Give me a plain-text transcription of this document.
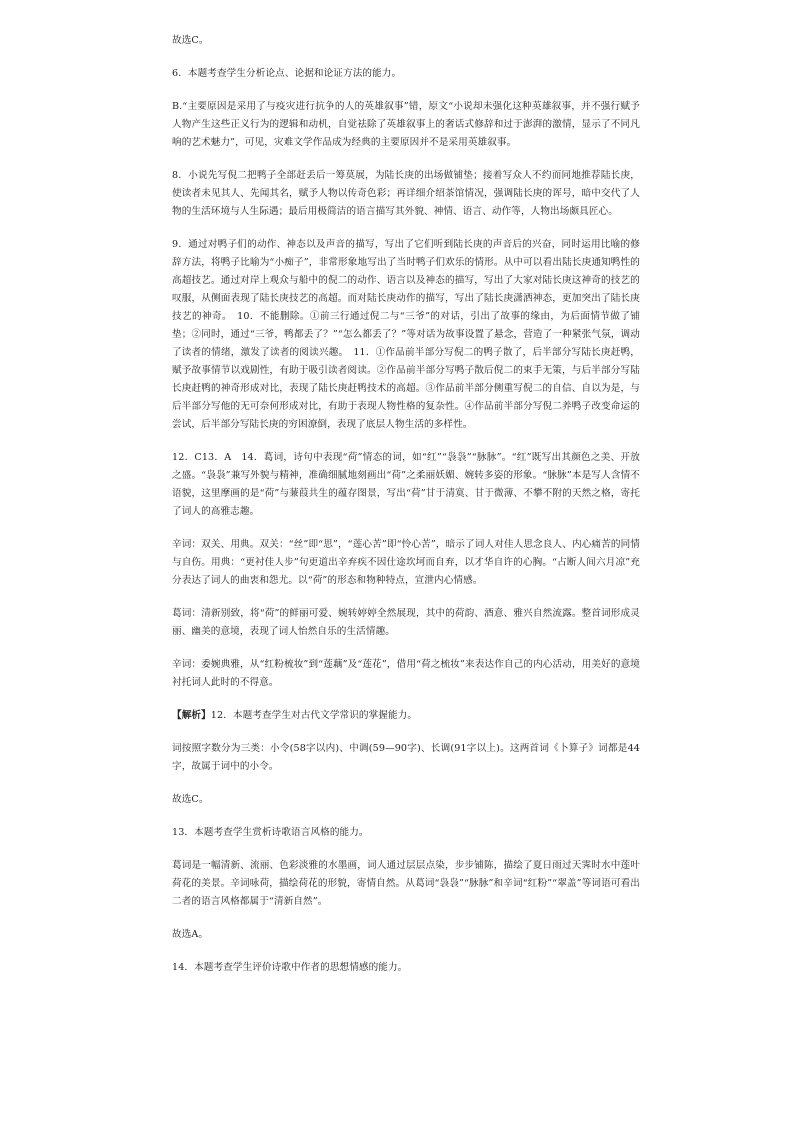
故选C。

6．本题考查学生分析论点、论据和论证方法的能力。

B.“主要原因是采用了与疫灾进行抗争的人的英雄叙事”错，原文“小说却未强化这种英雄叙事，并不强行赋予人物产生这些正义行为的逻辑和动机，自觉祛除了英雄叙事上的奢话式修辞和过于澎湃的激情，显示了不同凡响的艺术魅力”，可见，灾难文学作品成为经典的主要原因并不是采用英雄叙事。

8．小说先写倪二把鸭子全部赶丢后一筹莫展，为陆长庚的出场做铺垫；接着写众人不约而同地推荐陆长庚，使读者未见其人、先闻其名，赋予人物以传奇色彩；再详细介绍茶馆情况，强调陆长庚的诨号，暗中交代了人物的生活环境与人生际遇；最后用极简洁的语言描写其外貌、神情、语言、动作等，人物出场颇具匠心。

9．通过对鸭子们的动作、神态以及声音的描写，写出了它们听到陆长庚的声音后的兴奋，同时运用比喻的修辞方法，将鸭子比喻为“小痴子”，非常形象地写出了当时鸭子们欢乐的情形。从中可以看出陆长庚通知鸭性的高超技艺。通过对岸上观众与船中的倪二的动作、语言以及神态的描写，写出了大家对陆长庚这神奇的技艺的叹服，从侧面表现了陆长庚技艺的高超。而对陆长庚动作的描写，写出了陆长庚潇洒神态，更加突出了陆长庚技艺的神奇。　10．不能删除。①前三行通过倪二与“三爷”的对话，引出了故事的缘由，为后面情节做了铺垫；②同时，通过“三爷，鸭都丢了？”“怎么都丢了？”等对话为故事设置了悬念，营造了一种紧张气氛，调动了读者的情绪，激发了读者的阅读兴趣。　11．①作品前半部分写倪二的鸭子散了，后半部分写陆长庚赶鸭，赋予故事情节以戏剧性，有助于吸引读者阅读。②作品前半部分写鸭子散后倪二的束手无策，与后半部分写陆长庚赶鸭的神奇形成对比，表现了陆长庚赶鸭技术的高超。③作品前半部分侧重写倪二的自信、自以为是，与后半部分写他的无可奈何形成对比，有助于表现人物性格的复杂性。④作品前半部分写倪二养鸭子改变命运的尝试，后半部分写陆长庚的穷困潦倒，表现了底层人物生活的多样性。

12．C13．A　14．葛词，诗句中表现“荷”情态的词，如“红”“袅袅”“脉脉”。“红”既写出其颜色之美、开放之盛。“袅袅”兼写外貌与精神，准确细腻地刻画出“荷”之柔丽妖媚、婉转多姿的形象。“脉脉”本是写人含情不语貌，这里摩画的是“荷”与蒹葭共生的蕴存图景，写出“荷”甘于清寞、甘于微薄、不攀不附的天然之格，寄托了词人的高雅志趣。

辛词：双关、用典。双关：“丝”即“思”，“莲心苦”即“怜心苦”，暗示了词人对佳人思念良人、内心痛苦的同情与自伤。用典：“更衬佳人步”句更道出辛弃疾不因仕途坎坷而自弃，以才华自许的心胸。“占断人间六月凉”充分表达了词人的曲衷和怨尤。以“荷”的形态和物种特点，宣泄内心情感。

葛词：清新别致，将“荷”的鲜丽可爱、婉转婷婷全然展现，其中的荷韵、酒意、雅兴自然流露。整首词形成灵丽、幽美的意境，表现了词人怡然自乐的生活情趣。

辛词：委婉典雅，从“红粉梳妆”到“莲藕”及“莲花”，借用“荷之梳妆”来表达作自己的内心活动，用美好的意境衬托词人此时的不得意。

【解析】12．本题考查学生对古代文学常识的掌握能力。

词按照字数分为三类：小令(58字以内)、中调(59—90字)、长调(91字以上)。这两首词《卜算子》词都是44字，故属于词中的小令。

故选C。

13．本题考查学生赏析诗歌语言风格的能力。

葛词是一幅清新、流丽、色彩淡雅的水墨画，词人通过层层点染，步步铺陈，描绘了夏日雨过天霁时水中莲叶荷花的美景。辛词咏荷，描绘荷花的形貌，寄情自然。从葛词“袅袅”“脉脉”和辛词“红粉”“翠盖”等词语可看出二者的语言风格都属于“清新自然”。

故选A。

14．本题考查学生评价诗歌中作者的思想情感的能力。
